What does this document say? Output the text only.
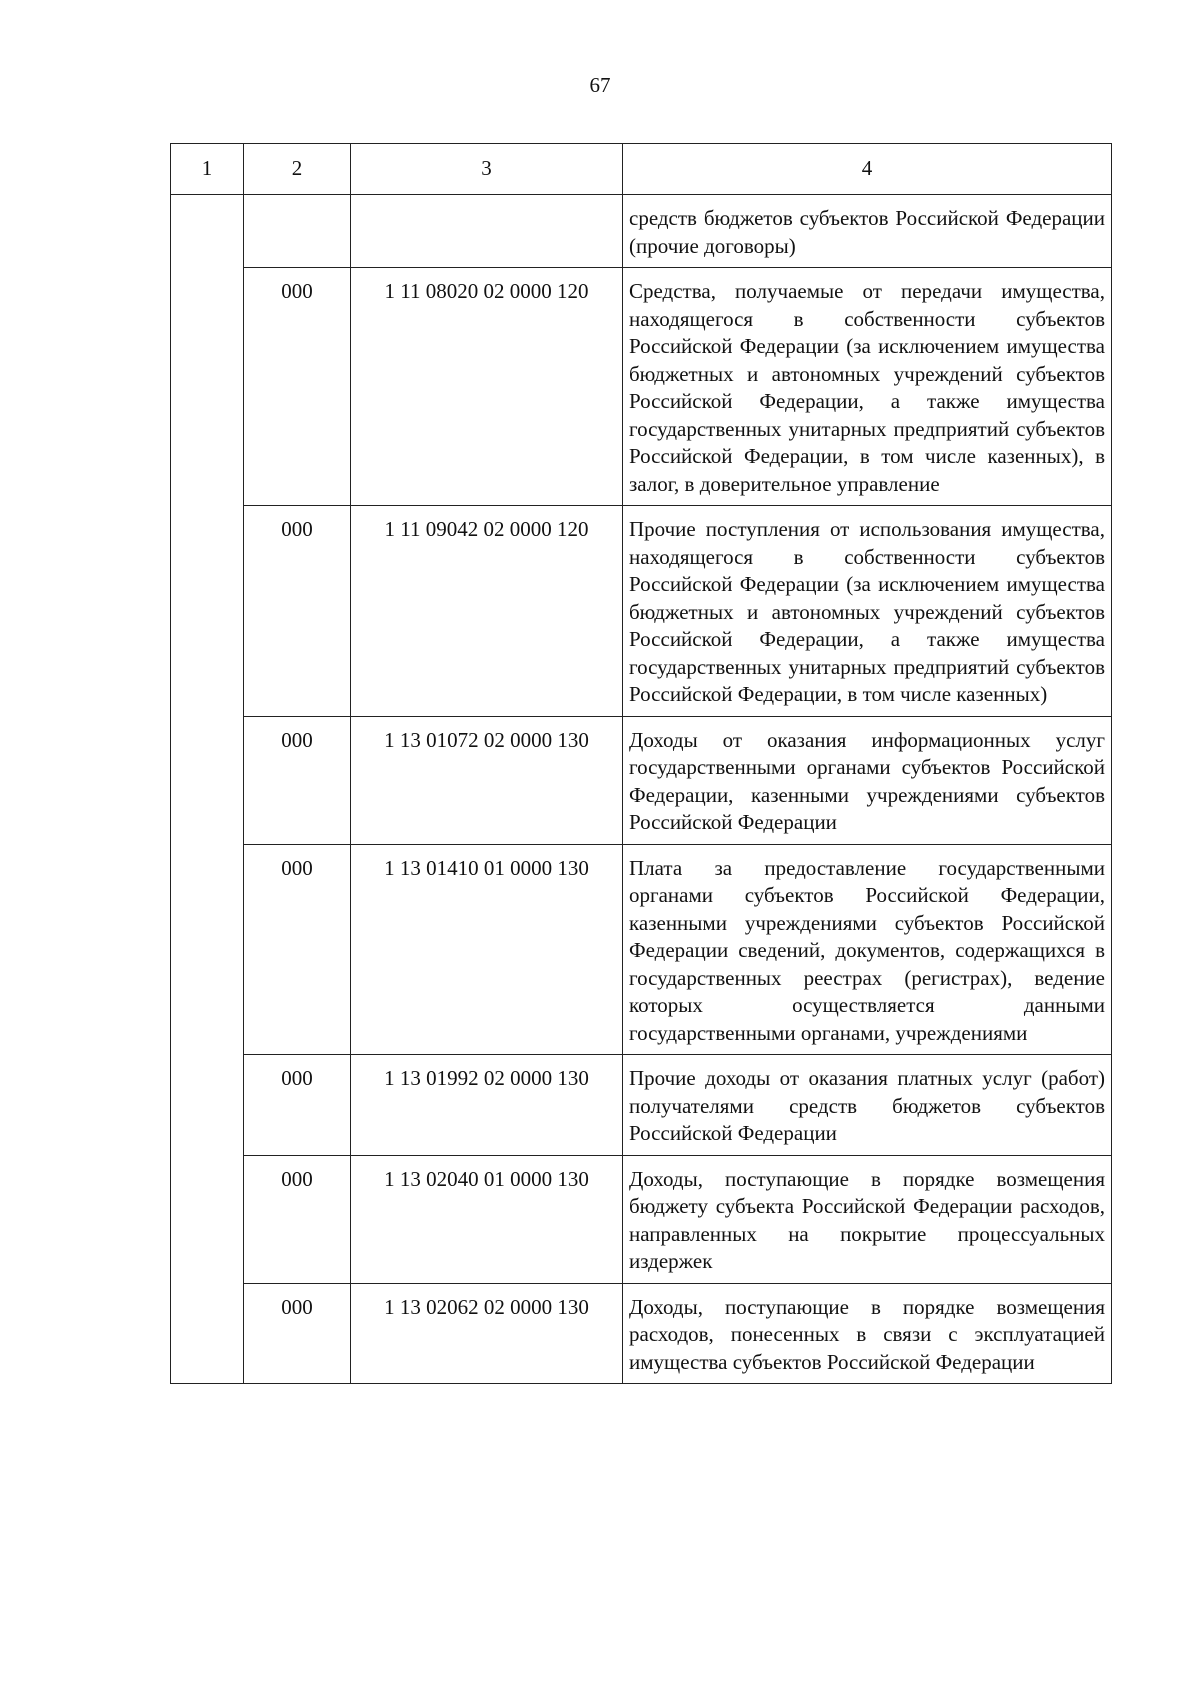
67
1	2	3	4
			средств бюджетов субъектов Российской Федерации (прочие договоры)
	000	1 11 08020 02 0000 120	Средства, получаемые от передачи имущества, находящегося в собственности субъектов Российской Федерации (за исключением имущества бюджетных и автономных учреждений субъектов Российской Федерации, а также имущества государственных унитарных предприятий субъектов Российской Федерации, в том числе казенных), в залог, в доверительное управление
	000	1 11 09042 02 0000 120	Прочие поступления от использования имущества, находящегося в собственности субъектов Российской Федерации (за исключением имущества бюджетных и автономных учреждений субъектов Российской Федерации, а также имущества государственных унитарных предприятий субъектов Российской Федерации, в том числе казенных)
	000	1 13 01072 02 0000 130	Доходы от оказания информационных услуг государственными органами субъектов Российской Федерации, казенными учреждениями субъектов Российской Федерации
	000	1 13 01410 01 0000 130	Плата за предоставление государственными органами субъектов Российской Федерации, казенными учреждениями субъектов Российской Федерации сведений, документов, содержащихся в государственных реестрах (регистрах), ведение которых осуществляется данными государственными органами, учреждениями
	000	1 13 01992 02 0000 130	Прочие доходы от оказания платных услуг (работ) получателями средств бюджетов субъектов Российской Федерации
	000	1 13 02040 01 0000 130	Доходы, поступающие в порядке возмещения бюджету субъекта Российской Федерации расходов, направленных на покрытие процессуальных издержек
	000	1 13 02062 02 0000 130	Доходы, поступающие в порядке возмещения расходов, понесенных в связи с эксплуатацией имущества субъектов Российской Федерации
